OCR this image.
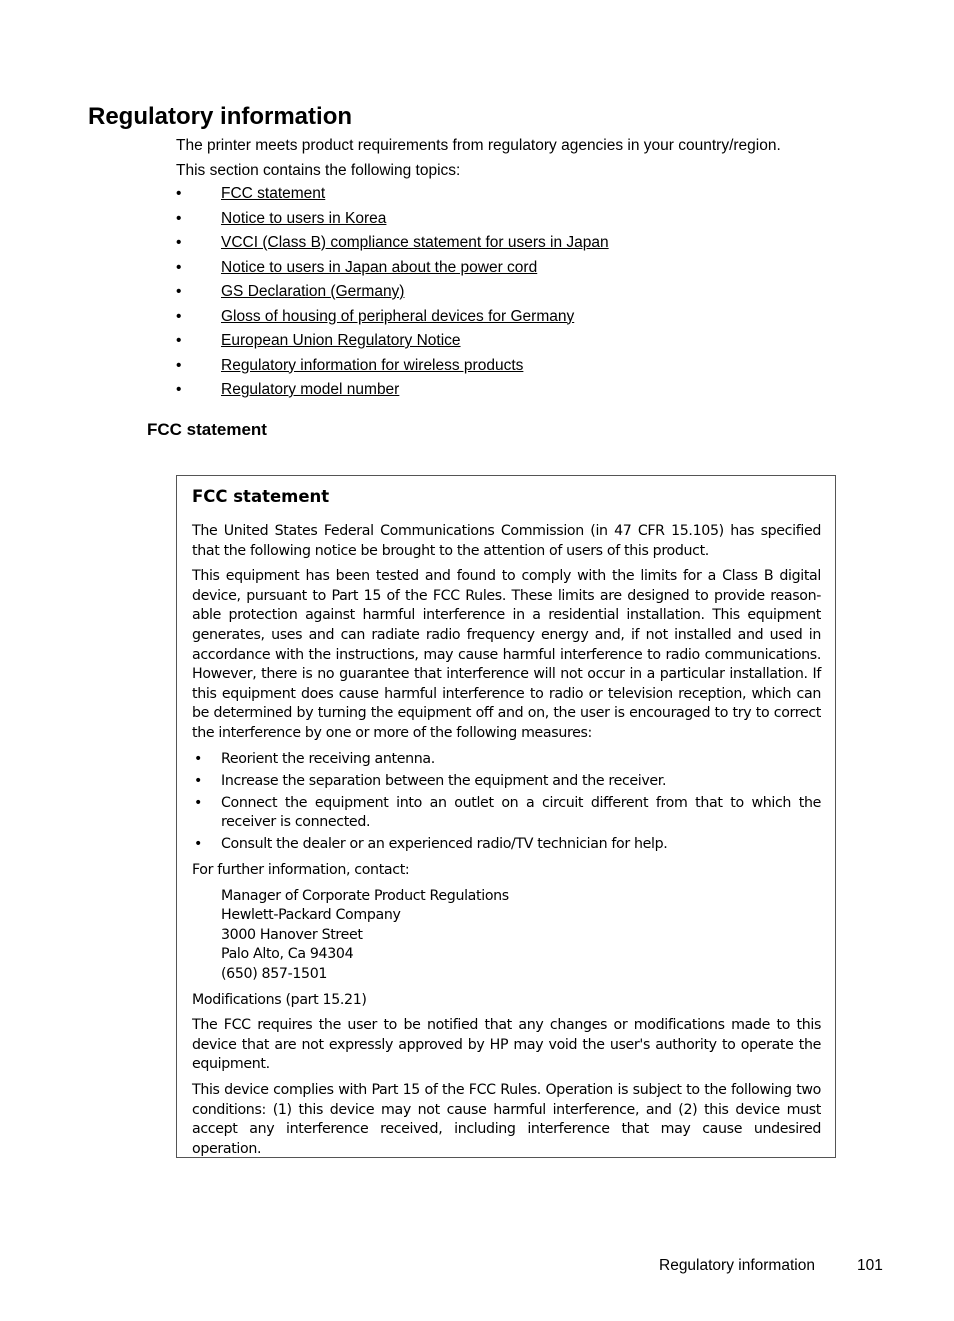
Regulatory information

The printer meets product requirements from regulatory agencies in your country/region.

This section contains the following topics:

•	FCC statement
•	Notice to users in Korea
•	VCCI (Class B) compliance statement for users in Japan
•	Notice to users in Japan about the power cord
•	GS Declaration (Germany)
•	Gloss of housing of peripheral devices for Germany
•	European Union Regulatory Notice
•	Regulatory information for wireless products
•	Regulatory model number
FCC statement
FCC statement

The United States Federal Communications Commission (in 47 CFR 15.105) has specified that the following notice be brought to the attention of users of this product.

This equipment has been tested and found to comply with the limits for a Class B digital device, pursuant to Part 15 of the FCC Rules. These limits are designed to provide reason-able protection against harmful interference in a residential installation. This equipment generates, uses and can radiate radio frequency energy and, if not installed and used in accordance with the instructions, may cause harmful interference to radio communications. However, there is no guarantee that interference will not occur in a particular installation. If this equipment does cause harmful interference to radio or television reception, which can be determined by turning the equipment off and on, the user is encouraged to try to correct the interference by one or more of the following measures:

• Reorient the receiving antenna.
• Increase the separation between the equipment and the receiver.
• Connect the equipment into an outlet on a circuit different from that to which the receiver is connected.
• Consult the dealer or an experienced radio/TV technician for help.

For further information, contact:

Manager of Corporate Product Regulations
Hewlett-Packard Company
3000 Hanover Street
Palo Alto, Ca 94304
(650) 857-1501

Modifications (part 15.21)

The FCC requires the user to be notified that any changes or modifications made to this device that are not expressly approved by HP may void the user's authority to operate the equipment.

This device complies with Part 15 of the FCC Rules. Operation is subject to the following two conditions: (1) this device may not cause harmful interference, and (2) this device must accept any interference received, including interference that may cause undesired operation.

Regulatory information	101
